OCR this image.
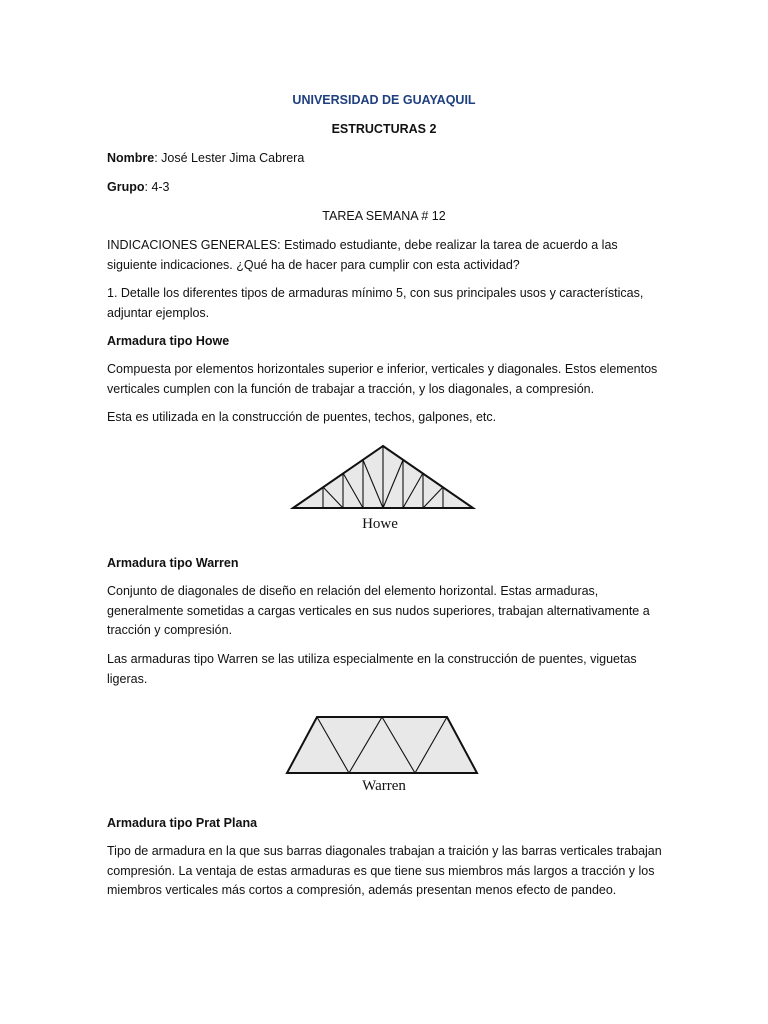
UNIVERSIDAD DE GUAYAQUIL
ESTRUCTURAS 2
Nombre: José Lester Jima Cabrera
Grupo: 4-3
TAREA SEMANA # 12
INDICACIONES GENERALES: Estimado estudiante, debe realizar la tarea de acuerdo a las siguiente indicaciones. ¿Qué ha de hacer para cumplir con esta actividad?
1. Detalle los diferentes tipos de armaduras mínimo 5, con sus principales usos y características, adjuntar ejemplos.
Armadura tipo Howe
Compuesta por elementos horizontales superior e inferior, verticales y diagonales. Estos elementos verticales cumplen con la función de trabajar a tracción, y los diagonales, a compresión.
Esta es utilizada en la construcción de puentes, techos, galpones, etc.
Howe
Armadura tipo Warren
Conjunto de diagonales de diseño en relación del elemento horizontal. Estas armaduras, generalmente sometidas a cargas verticales en sus nudos superiores, trabajan alternativamente a tracción y compresión.
Las armaduras tipo Warren se las utiliza especialmente en la construcción de puentes, viguetas ligeras.
Warren
Armadura tipo Prat Plana
Tipo de armadura en la que sus barras diagonales trabajan a traición y las barras verticales trabajan compresión. La ventaja de estas armaduras es que tiene sus miembros más largos a tracción y los miembros verticales más cortos a compresión, además presentan menos efecto de pandeo.
